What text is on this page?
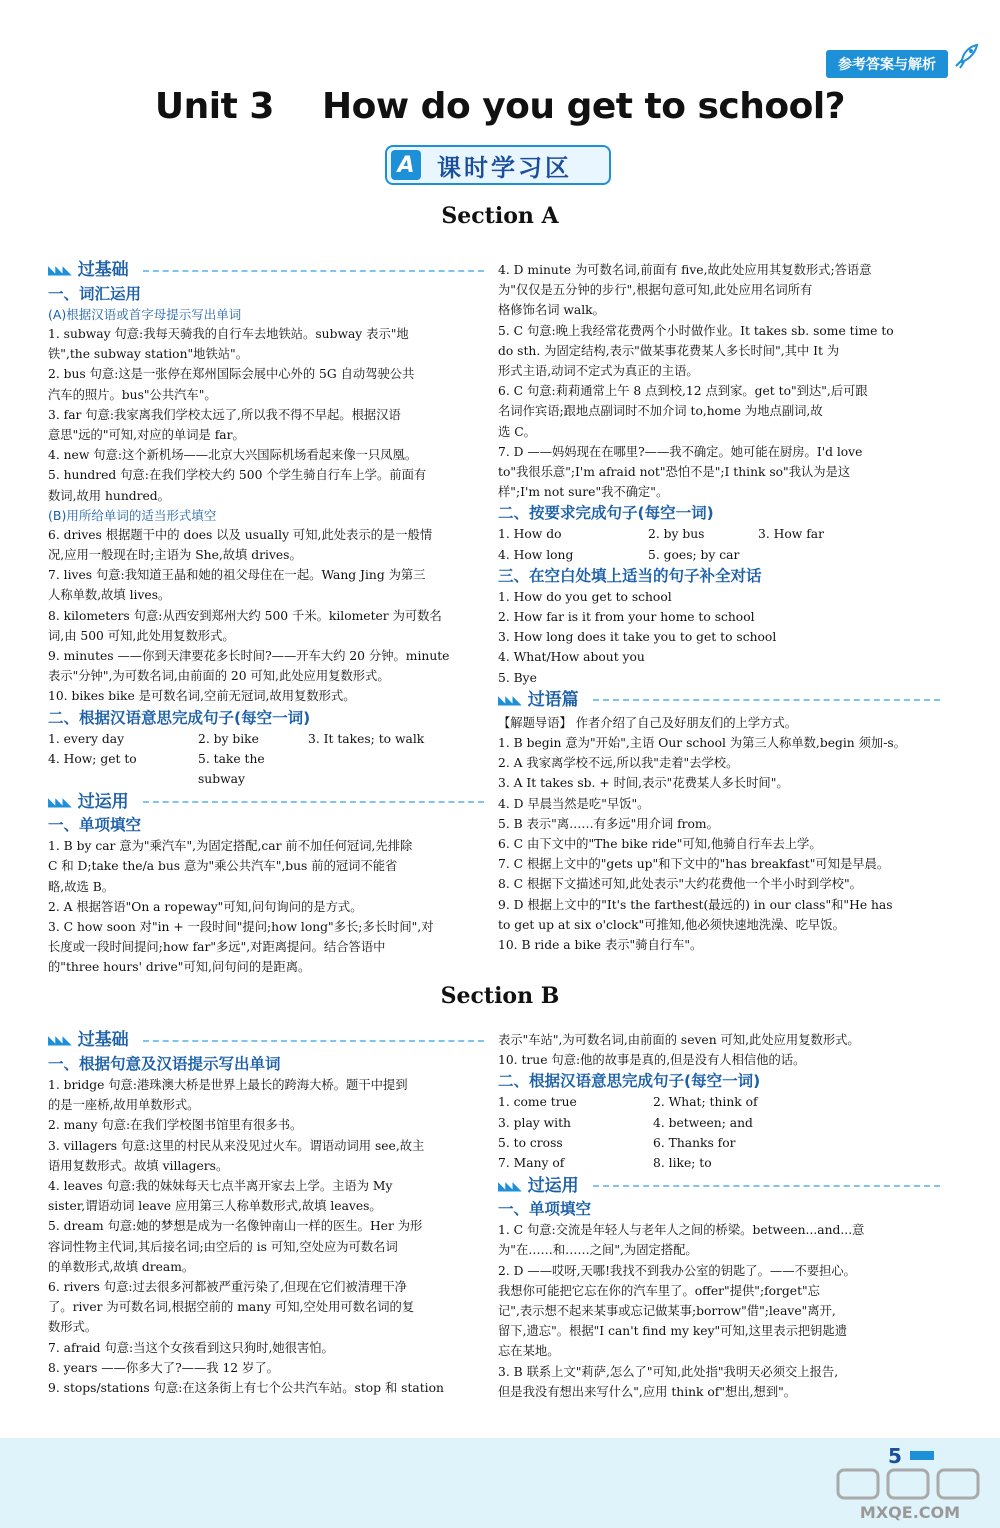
参考答案与解析
Unit 3    How do you get to school?
A 课时学习区
Section A
◣◣◣ 过基础
一、词汇运用
(A)根据汉语或首字母提示写出单词
1. subway 句意:我每天骑我的自行车去地铁站。subway 表示"地
铁",the subway station"地铁站"。
2. bus 句意:这是一张停在郑州国际会展中心外的 5G 自动驾驶公共
汽车的照片。bus"公共汽车"。
3. far 句意:我家离我们学校太远了,所以我不得不早起。根据汉语
意思"远的"可知,对应的单词是 far。
4. new 句意:这个新机场——北京大兴国际机场看起来像一只凤凰。
5. hundred 句意:在我们学校大约 500 个学生骑自行车上学。前面有
数词,故用 hundred。
(B)用所给单词的适当形式填空
6. drives 根据题干中的 does 以及 usually 可知,此处表示的是一般情
况,应用一般现在时;主语为 She,故填 drives。
7. lives 句意:我知道王晶和她的祖父母住在一起。Wang Jing 为第三
人称单数,故填 lives。
8. kilometers 句意:从西安到郑州大约 500 千米。kilometer 为可数名
词,由 500 可知,此处用复数形式。
9. minutes ——你到天津要花多长时间?——开车大约 20 分钟。minute
表示"分钟",为可数名词,由前面的 20 可知,此处应用复数形式。
10. bikes bike 是可数名词,空前无冠词,故用复数形式。
二、根据汉语意思完成句子(每空一词)
1. every day	2. by bike	3. It takes; to walk
4. How; get to	5. take the subway
◣◣◣ 过运用
一、单项填空
1. B by car 意为"乘汽车",为固定搭配,car 前不加任何冠词,先排除
C 和 D;take the/a bus 意为"乘公共汽车",bus 前的冠词不能省
略,故选 B。
2. A 根据答语"On a ropeway"可知,问句询问的是方式。
3. C how soon 对"in + 一段时间"提问;how long"多长;多长时间",对
长度或一段时间提问;how far"多远",对距离提问。结合答语中
的"three hours' drive"可知,问句问的是距离。
4. D minute 为可数名词,前面有 five,故此处应用其复数形式;答语意
为"仅仅是五分钟的步行",根据句意可知,此处应用名词所有
格修饰名词 walk。
5. C 句意:晚上我经常花费两个小时做作业。It takes sb. some time to
do sth. 为固定结构,表示"做某事花费某人多长时间",其中 It 为
形式主语,动词不定式为真正的主语。
6. C 句意:莉莉通常上午 8 点到校,12 点到家。get to"到达",后可跟
名词作宾语;跟地点副词时不加介词 to,home 为地点副词,故
选 C。
7. D ——妈妈现在在哪里?——我不确定。她可能在厨房。I'd love
to"我很乐意";I'm afraid not"恐怕不是";I think so"我认为是这
样";I'm not sure"我不确定"。
二、按要求完成句子(每空一词)
1. How do	2. by bus	3. How far
4. How long	5. goes; by car
三、在空白处填上适当的句子补全对话
1. How do you get to school
2. How far is it from your home to school
3. How long does it take you to get to school
4. What/How about you
5. Bye
◣◣◣ 过语篇
【解题导语】 作者介绍了自己及好朋友们的上学方式。
1. B begin 意为"开始",主语 Our school 为第三人称单数,begin 须加-s。
2. A 我家离学校不远,所以我"走着"去学校。
3. A It takes sb. + 时间,表示"花费某人多长时间"。
4. D 早晨当然是吃"早饭"。
5. B 表示"离……有多远"用介词 from。
6. C 由下文中的"The bike ride"可知,他骑自行车去上学。
7. C 根据上文中的"gets up"和下文中的"has breakfast"可知是早晨。
8. C 根据下文描述可知,此处表示"大约花费他一个半小时到学校"。
9. D 根据上文中的"It's the farthest(最远的) in our class"和"He has
to get up at six o'clock"可推知,他必须快速地洗澡、吃早饭。
10. B ride a bike 表示"骑自行车"。
Section B
◣◣◣ 过基础
一、根据句意及汉语提示写出单词
1. bridge 句意:港珠澳大桥是世界上最长的跨海大桥。题干中提到
的是一座桥,故用单数形式。
2. many 句意:在我们学校图书馆里有很多书。
3. villagers 句意:这里的村民从来没见过火车。谓语动词用 see,故主
语用复数形式。故填 villagers。
4. leaves 句意:我的妹妹每天七点半离开家去上学。主语为 My
sister,谓语动词 leave 应用第三人称单数形式,故填 leaves。
5. dream 句意:她的梦想是成为一名像钟南山一样的医生。Her 为形
容词性物主代词,其后接名词;由空后的 is 可知,空处应为可数名词
的单数形式,故填 dream。
6. rivers 句意:过去很多河都被严重污染了,但现在它们被清理干净
了。river 为可数名词,根据空前的 many 可知,空处用可数名词的复
数形式。
7. afraid 句意:当这个女孩看到这只狗时,她很害怕。
8. years ——你多大了?——我 12 岁了。
9. stops/stations 句意:在这条街上有七个公共汽车站。stop 和 station
表示"车站",为可数名词,由前面的 seven 可知,此处应用复数形式。
10. true 句意:他的故事是真的,但是没有人相信他的话。
二、根据汉语意思完成句子(每空一词)
1. come true	2. What; think of
3. play with	4. between; and
5. to cross	6. Thanks for
7. Many of	8. like; to
◣◣◣ 过运用
一、单项填空
1. C 句意:交流是年轻人与老年人之间的桥梁。between...and...意
为"在……和……之间",为固定搭配。
2. D ——哎呀,天哪!我找不到我办公室的钥匙了。——不要担心。
我想你可能把它忘在你的汽车里了。offer"提供";forget"忘
记",表示想不起来某事或忘记做某事;borrow"借";leave"离开,
留下,遗忘"。根据"I can't find my key"可知,这里表示把钥匙遗
忘在某地。
3. B 联系上文"莉萨,怎么了"可知,此处指"我明天必须交上报告,
但是我没有想出来写什么",应用 think of"想出,想到"。
5
MXQE.COM
